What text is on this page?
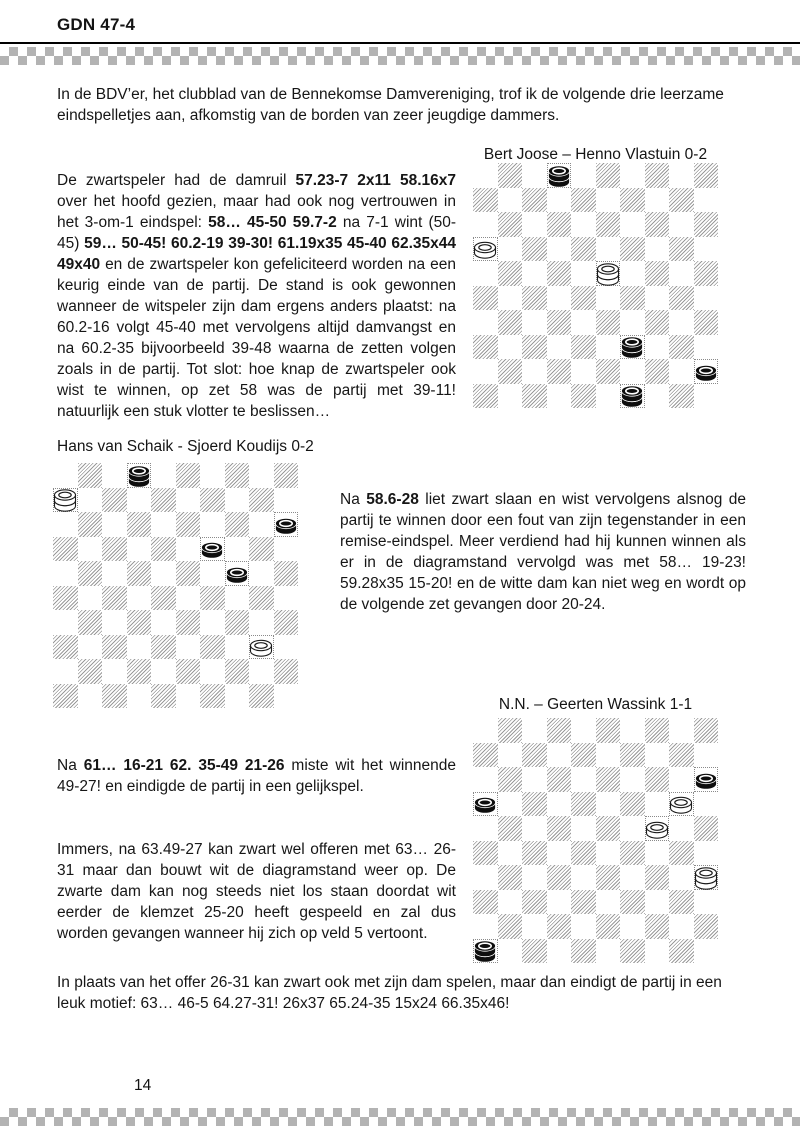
GDN 47-4
In de BDV’er, het clubblad van de Bennekomse Damvereniging, trof ik de volgende drie leerzame eindspelletjes aan, afkomstig van de borden van zeer jeugdige dammers.
Bert Joose – Henno Vlastuin 0-2
De zwartspeler had de damruil 57.23-7 2x11 58.16x7 over het hoofd gezien, maar had ook nog vertrouwen in het 3-om-1 eindspel: 58… 45-50 59.7-2 na 7-1 wint (50-45) 59… 50-45! 60.2-19 39-30! 61.19x35 45-40 62.35x44 49x40 en de zwartspeler kon gefeliciteerd worden na een keurig einde van de partij. De stand is ook gewonnen wanneer de witspeler zijn dam ergens anders plaatst: na 60.2-16 volgt 45-40 met vervolgens altijd damvangst en na 60.2-35 bijvoorbeeld 39-48 waarna de zetten volgen zoals in de partij. Tot slot: hoe knap de zwartspeler ook wist te winnen, op zet 58 was de partij met 39-11! natuurlijk een stuk vlotter te beslissen…
Hans van Schaik - Sjoerd Koudijs 0-2
Na 58.6-28 liet zwart slaan en wist vervolgens alsnog de partij te winnen door een fout van zijn tegenstander in een remise-eindspel. Meer verdiend had hij kunnen winnen als er in de diagramstand vervolgd was met 58… 19-23! 59.28x35 15-20! en de witte dam kan niet weg en wordt op de volgende zet gevangen door 20-24.
N.N. – Geerten Wassink 1-1
Na 61… 16-21 62. 35-49 21-26 miste wit het winnende 49-27! en eindigde de partij in een gelijkspel.
Immers, na 63.49-27 kan zwart wel offeren met 63… 26-31 maar dan bouwt wit de diagramstand weer op. De zwarte dam kan nog steeds niet los staan doordat wit eerder de klemzet 25-20 heeft gespeeld en zal dus worden gevangen wanneer hij zich op veld 5 vertoont.
In plaats van het offer 26-31 kan zwart ook met zijn dam spelen, maar dan eindigt de partij in een leuk motief: 63… 46-5 64.27-31! 26x37 65.24-35 15x24 66.35x46!
14
